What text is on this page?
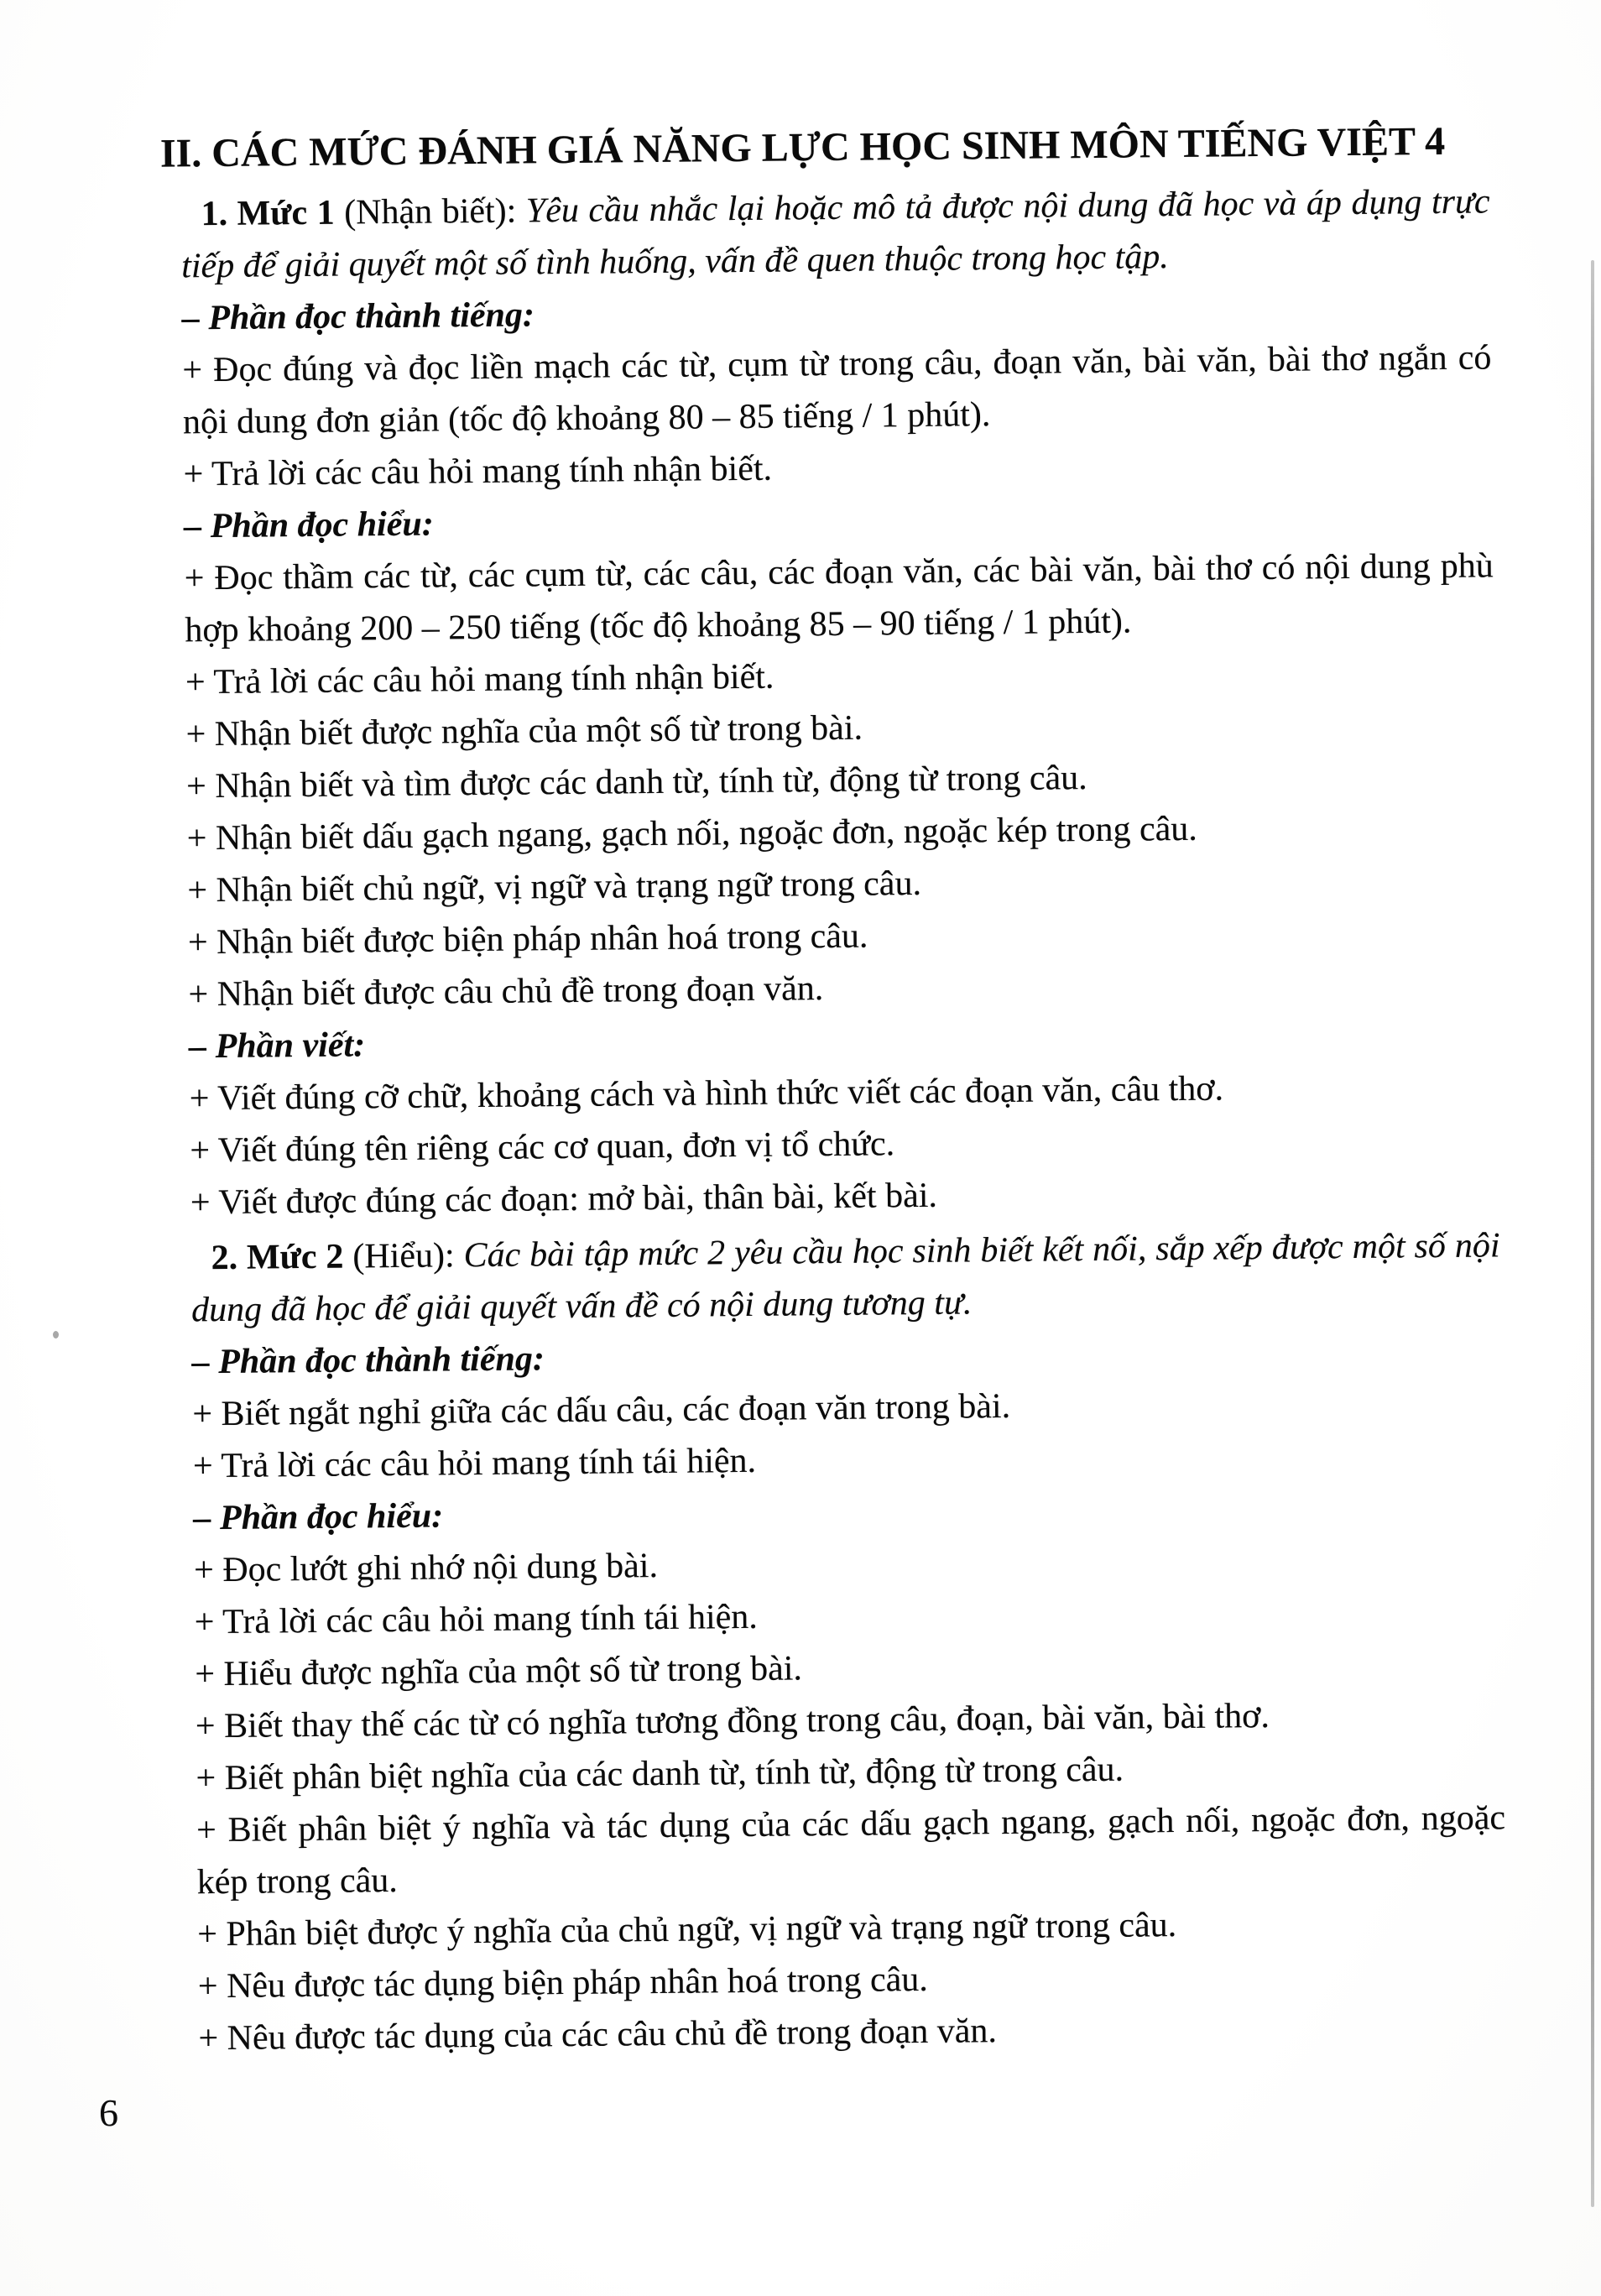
II. CÁC MỨC ĐÁNH GIÁ NĂNG LỰC HỌC SINH MÔN TIẾNG VIỆT 4

1. Mức 1 (Nhận biết): Yêu cầu nhắc lại hoặc mô tả được nội dung đã học và áp dụng trực tiếp để giải quyết một số tình huống, vấn đề quen thuộc trong học tập.

– Phần đọc thành tiếng:

+ Đọc đúng và đọc liền mạch các từ, cụm từ trong câu, đoạn văn, bài văn, bài thơ ngắn có nội dung đơn giản (tốc độ khoảng 80 – 85 tiếng / 1 phút).

+ Trả lời các câu hỏi mang tính nhận biết.

– Phần đọc hiểu:

+ Đọc thầm các từ, các cụm từ, các câu, các đoạn văn, các bài văn, bài thơ có nội dung phù hợp khoảng 200 – 250 tiếng (tốc độ khoảng 85 – 90 tiếng / 1 phút).

+ Trả lời các câu hỏi mang tính nhận biết.

+ Nhận biết được nghĩa của một số từ trong bài.

+ Nhận biết và tìm được các danh từ, tính từ, động từ trong câu.

+ Nhận biết dấu gạch ngang, gạch nối, ngoặc đơn, ngoặc kép trong câu.

+ Nhận biết chủ ngữ, vị ngữ và trạng ngữ trong câu.

+ Nhận biết được biện pháp nhân hoá trong câu.

+ Nhận biết được câu chủ đề trong đoạn văn.

– Phần viết:

+ Viết đúng cỡ chữ, khoảng cách và hình thức viết các đoạn văn, câu thơ.

+ Viết đúng tên riêng các cơ quan, đơn vị tổ chức.

+ Viết được đúng các đoạn: mở bài, thân bài, kết bài.

2. Mức 2 (Hiểu): Các bài tập mức 2 yêu cầu học sinh biết kết nối, sắp xếp được một số nội dung đã học để giải quyết vấn đề có nội dung tương tự.

– Phần đọc thành tiếng:

+ Biết ngắt nghỉ giữa các dấu câu, các đoạn văn trong bài.

+ Trả lời các câu hỏi mang tính tái hiện.

– Phần đọc hiểu:

+ Đọc lướt ghi nhớ nội dung bài.

+ Trả lời các câu hỏi mang tính tái hiện.

+ Hiểu được nghĩa của một số từ trong bài.

+ Biết thay thế các từ có nghĩa tương đồng trong câu, đoạn, bài văn, bài thơ.

+ Biết phân biệt nghĩa của các danh từ, tính từ, động từ trong câu.

+ Biết phân biệt ý nghĩa và tác dụng của các dấu gạch ngang, gạch nối, ngoặc đơn, ngoặc kép trong câu.

+ Phân biệt được ý nghĩa của chủ ngữ, vị ngữ và trạng ngữ trong câu.

+ Nêu được tác dụng biện pháp nhân hoá trong câu.

+ Nêu được tác dụng của các câu chủ đề trong đoạn văn.

6
